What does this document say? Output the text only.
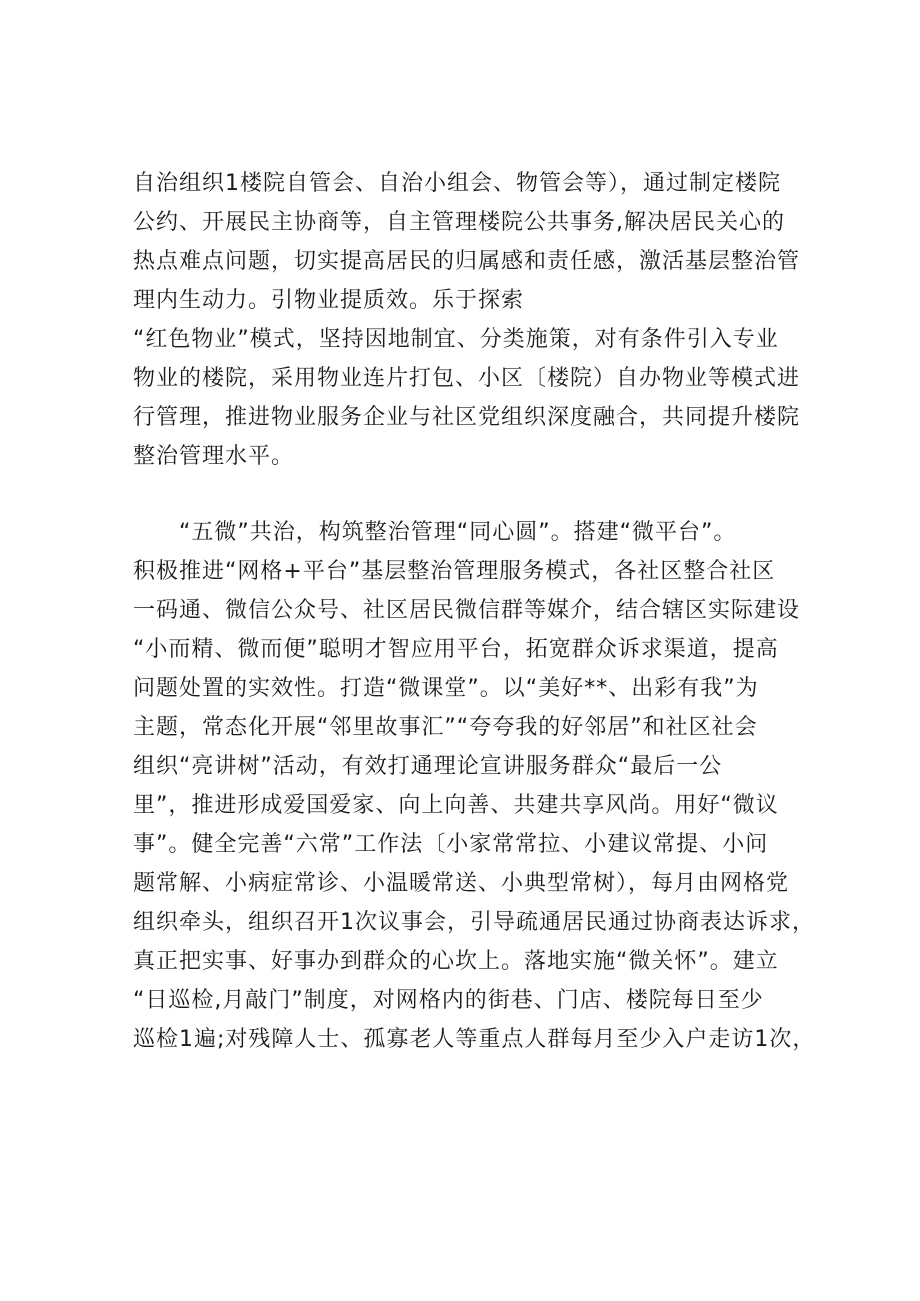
自治组织1楼院自管会、自治小组会、物管会等），通过制定楼院
公约、开展民主协商等，自主管理楼院公共事务,解决居民关心的
热点难点问题，切实提高居民的归属感和责任感，激活基层整治管
理内生动力。引物业提质效。乐于探索
“红色物业”模式，坚持因地制宜、分类施策，对有条件引入专业
物业的楼院，采用物业连片打包、小区〔楼院）自办物业等模式进
行管理，推进物业服务企业与社区党组织深度融合，共同提升楼院
整治管理水平。
“五微”共治，构筑整治管理“同心圆”。搭建“微平台”。
积极推进“网格+平台”基层整治管理服务模式，各社区整合社区
一码通、微信公众号、社区居民微信群等媒介，结合辖区实际建设
“小而精、微而便”聪明才智应用平台，拓宽群众诉求渠道，提高
问题处置的实效性。打造“微课堂”。以“美好**、出彩有我”为
主题，常态化开展“邻里故事汇”“夸夸我的好邻居”和社区社会
组织“亮讲树”活动，有效打通理论宣讲服务群众“最后一公
里”，推进形成爱国爱家、向上向善、共建共享风尚。用好“微议
事”。健全完善“六常”工作法〔小家常常拉、小建议常提、小问
题常解、小病症常诊、小温暖常送、小典型常树），每月由网格党
组织牵头，组织召开1次议事会，引导疏通居民通过协商表达诉求，
真正把实事、好事办到群众的心坎上。落地实施“微关怀”。建立
“日巡检,月敲门”制度，对网格内的街巷、门店、楼院每日至少
巡检1遍;对残障人士、孤寡老人等重点人群每月至少入户走访1次，
